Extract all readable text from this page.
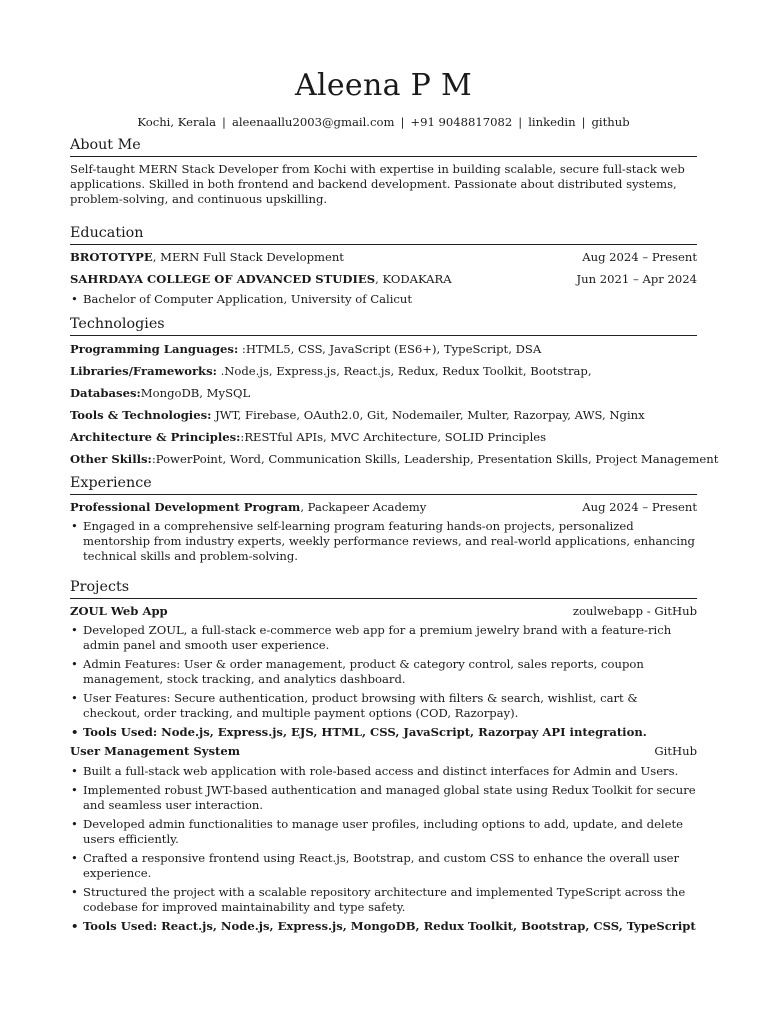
Aleena P M
Kochi, Kerala | aleenaallu2003@gmail.com | +91 9048817082 | linkedin | github
About Me

Self-taught MERN Stack Developer from Kochi with expertise in building scalable, secure full-stack web applications. Skilled in both frontend and backend development. Passionate about distributed systems, problem-solving, and continuous upskilling.

Education
BROTOTYPE, MERN Full Stack Development	Aug 2024 – Present
SAHRDAYA COLLEGE OF ADVANCED STUDIES, KODAKARA	Jun 2021 – Apr 2024
• Bachelor of Computer Application, University of Calicut
Technologies
Programming Languages: :HTML5, CSS, JavaScript (ES6+), TypeScript, DSA
Libraries/Frameworks: .Node.js, Express.js, React.js, Redux, Redux Toolkit, Bootstrap,
Databases:MongoDB, MySQL
Tools & Technologies: JWT, Firebase, OAuth2.0, Git, Nodemailer, Multer, Razorpay, AWS, Nginx
Architecture & Principles::RESTful APIs, MVC Architecture, SOLID Principles
Other Skills::PowerPoint, Word, Communication Skills, Leadership, Presentation Skills, Project Management
Experience
Professional Development Program, Packapeer Academy	Aug 2024 – Present
• Engaged in a comprehensive self-learning program featuring hands-on projects, personalized mentorship from industry experts, weekly performance reviews, and real-world applications, enhancing technical skills and problem-solving.
Projects
ZOUL Web App	zoulwebapp - GitHub
• Developed ZOUL, a full-stack e-commerce web app for a premium jewelry brand with a feature-rich admin panel and smooth user experience.
• Admin Features: User & order management, product & category control, sales reports, coupon management, stock tracking, and analytics dashboard.
• User Features: Secure authentication, product browsing with filters & search, wishlist, cart & checkout, order tracking, and multiple payment options (COD, Razorpay).
• Tools Used: Node.js, Express.js, EJS, HTML, CSS, JavaScript, Razorpay API integration.
User Management System	GitHub
• Built a full-stack web application with role-based access and distinct interfaces for Admin and Users.
• Implemented robust JWT-based authentication and managed global state using Redux Toolkit for secure and seamless user interaction.
• Developed admin functionalities to manage user profiles, including options to add, update, and delete users efficiently.
• Crafted a responsive frontend using React.js, Bootstrap, and custom CSS to enhance the overall user experience.
• Structured the project with a scalable repository architecture and implemented TypeScript across the codebase for improved maintainability and type safety.
• Tools Used: React.js, Node.js, Express.js, MongoDB, Redux Toolkit, Bootstrap, CSS, TypeScript
